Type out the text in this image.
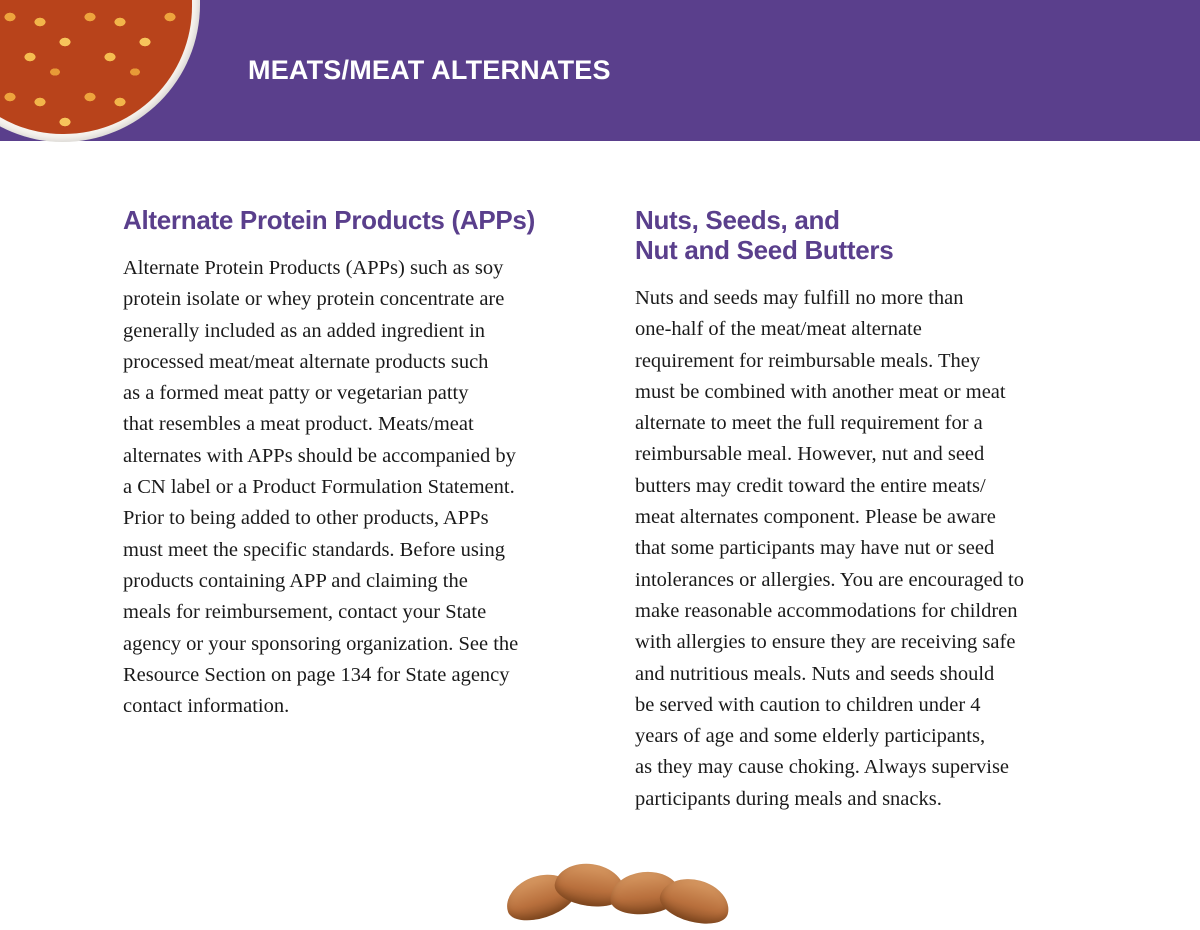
MEATS/MEAT ALTERNATES
Alternate Protein Products (APPs)

Alternate Protein Products (APPs) such as soy
protein isolate or whey protein concentrate are
generally included as an added ingredient in
processed meat/meat alternate products such
as a formed meat patty or vegetarian patty
that resembles a meat product. Meats/meat
alternates with APPs should be accompanied by
a CN label or a Product Formulation Statement.
Prior to being added to other products, APPs
must meet the specific standards. Before using
products containing APP and claiming the
meals for reimbursement, contact your State
agency or your sponsoring organization. See the
Resource Section on page 134 for State agency
contact information.

Nuts, Seeds, and
Nut and Seed Butters

Nuts and seeds may fulfill no more than
one-half of the meat/meat alternate
requirement for reimbursable meals. They
must be combined with another meat or meat
alternate to meet the full requirement for a
reimbursable meal. However, nut and seed
butters may credit toward the entire meats/
meat alternates component. Please be aware
that some participants may have nut or seed
intolerances or allergies. You are encouraged to
make reasonable accommodations for children
with allergies to ensure they are receiving safe
and nutritious meals. Nuts and seeds should
be served with caution to children under 4
years of age and some elderly participants,
as they may cause choking. Always supervise
participants during meals and snacks.
